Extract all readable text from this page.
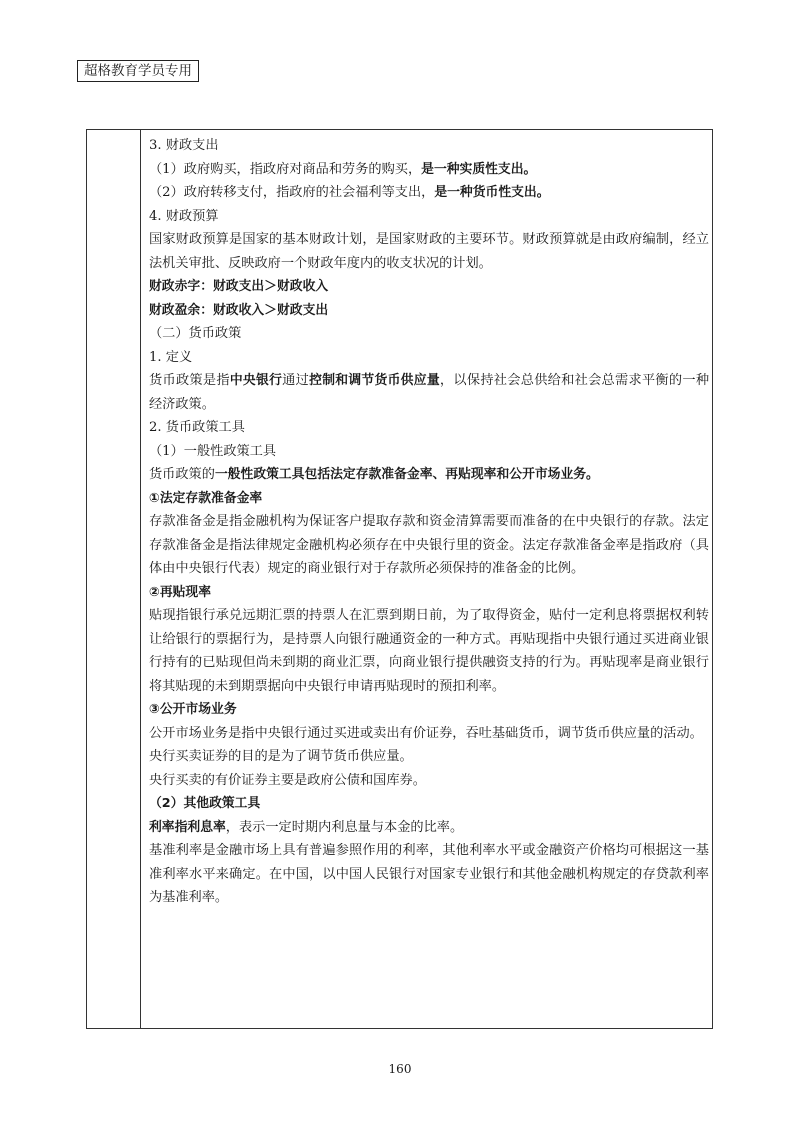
超格教育学员专用
3. 财政支出
（1）政府购买，指政府对商品和劳务的购买，是一种实质性支出。
（2）政府转移支付，指政府的社会福利等支出，是一种货币性支出。
4. 财政预算
国家财政预算是国家的基本财政计划，是国家财政的主要环节。财政预算就是由政府编制，经立法机关审批、反映政府一个财政年度内的收支状况的计划。
财政赤字：财政支出＞财政收入
财政盈余：财政收入＞财政支出
（二）货币政策
1. 定义
货币政策是指中央银行通过控制和调节货币供应量，以保持社会总供给和社会总需求平衡的一种经济政策。
2. 货币政策工具
（1）一般性政策工具
货币政策的一般性政策工具包括法定存款准备金率、再贴现率和公开市场业务。
①法定存款准备金率
存款准备金是指金融机构为保证客户提取存款和资金清算需要而准备的在中央银行的存款。法定存款准备金是指法律规定金融机构必须存在中央银行里的资金。法定存款准备金率是指政府（具体由中央银行代表）规定的商业银行对于存款所必须保持的准备金的比例。
②再贴现率
贴现指银行承兑远期汇票的持票人在汇票到期日前，为了取得资金，贴付一定利息将票据权利转让给银行的票据行为，是持票人向银行融通资金的一种方式。再贴现指中央银行通过买进商业银行持有的已贴现但尚未到期的商业汇票，向商业银行提供融资支持的行为。再贴现率是商业银行将其贴现的未到期票据向中央银行申请再贴现时的预扣利率。
③公开市场业务
公开市场业务是指中央银行通过买进或卖出有价证券，吞吐基础货币，调节货币供应量的活动。
央行买卖证券的目的是为了调节货币供应量。
央行买卖的有价证券主要是政府公债和国库券。
（2）其他政策工具
利率指利息率，表示一定时期内利息量与本金的比率。
基准利率是金融市场上具有普遍参照作用的利率，其他利率水平或金融资产价格均可根据这一基准利率水平来确定。在中国，以中国人民银行对国家专业银行和其他金融机构规定的存贷款利率为基准利率。
160
